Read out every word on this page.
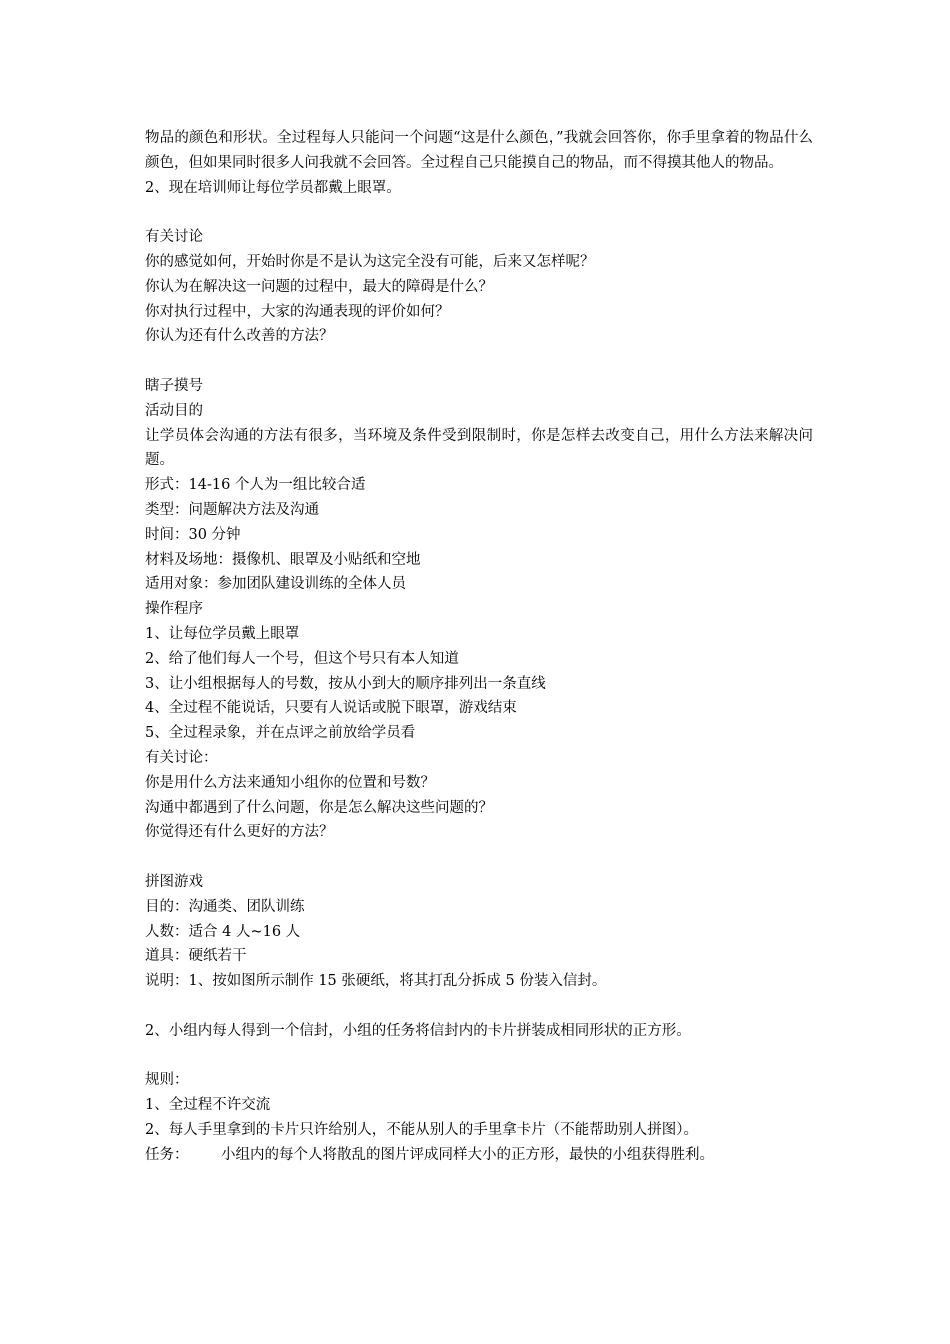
物品的颜色和形状。全过程每人只能问一个问题“这是什么颜色，”我就会回答你，你手里拿着的物品什么颜色，但如果同时很多人问我就不会回答。全过程自己只能摸自己的物品，而不得摸其他人的物品。
2、现在培训师让每位学员都戴上眼罩。
有关讨论
你的感觉如何，开始时你是不是认为这完全没有可能，后来又怎样呢？
你认为在解决这一问题的过程中，最大的障碍是什么？
你对执行过程中，大家的沟通表现的评价如何？
你认为还有什么改善的方法？
瞎子摸号
活动目的
让学员体会沟通的方法有很多，当环境及条件受到限制时，你是怎样去改变自己，用什么方法来解决问题。
形式：14-16 个人为一组比较合适
类型：问题解决方法及沟通
时间：30 分钟
材料及场地：摄像机、眼罩及小贴纸和空地
适用对象：参加团队建设训练的全体人员
操作程序
1、让每位学员戴上眼罩
2、给了他们每人一个号，但这个号只有本人知道
3、让小组根据每人的号数，按从小到大的顺序排列出一条直线
4、全过程不能说话，只要有人说话或脱下眼罩，游戏结束
5、全过程录象，并在点评之前放给学员看
有关讨论：
你是用什么方法来通知小组你的位置和号数？
沟通中都遇到了什么问题，你是怎么解决这些问题的？
你觉得还有什么更好的方法？
拼图游戏
目的：沟通类、团队训练
人数：适合 4 人~16 人
道具：硬纸若干
说明：1、按如图所示制作 15 张硬纸，将其打乱分拆成 5 份装入信封。
2、小组内每人得到一个信封，小组的任务将信封内的卡片拼装成相同形状的正方形。
规则：
1、全过程不许交流
2、每人手里拿到的卡片只许给别人，不能从别人的手里拿卡片（不能帮助别人拼图）。
任务： 小组内的每个人将散乱的图片评成同样大小的正方形，最快的小组获得胜利。
